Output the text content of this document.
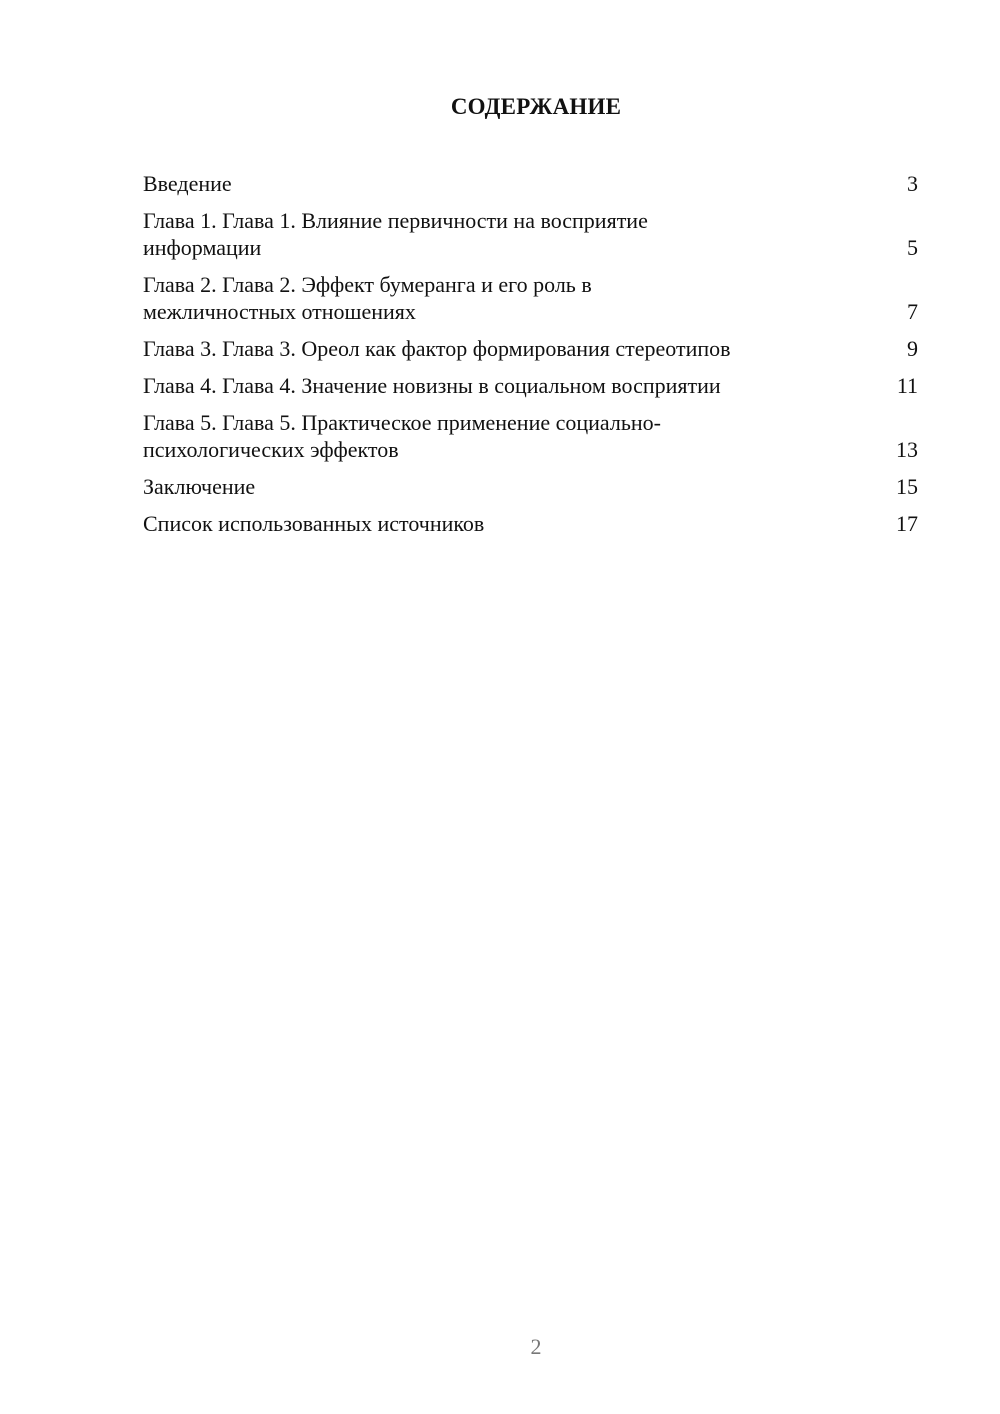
СОДЕРЖАНИЕ
Введение	3
Глава 1. Глава 1. Влияние первичности на восприятие информации	5
Глава 2. Глава 2. Эффект бумеранга и его роль в межличностных отношениях	7
Глава 3. Глава 3. Ореол как фактор формирования стереотипов	9
Глава 4. Глава 4. Значение новизны в социальном восприятии	11
Глава 5. Глава 5. Практическое применение социально-психологических эффектов	13
Заключение	15
Список использованных источников	17
2
